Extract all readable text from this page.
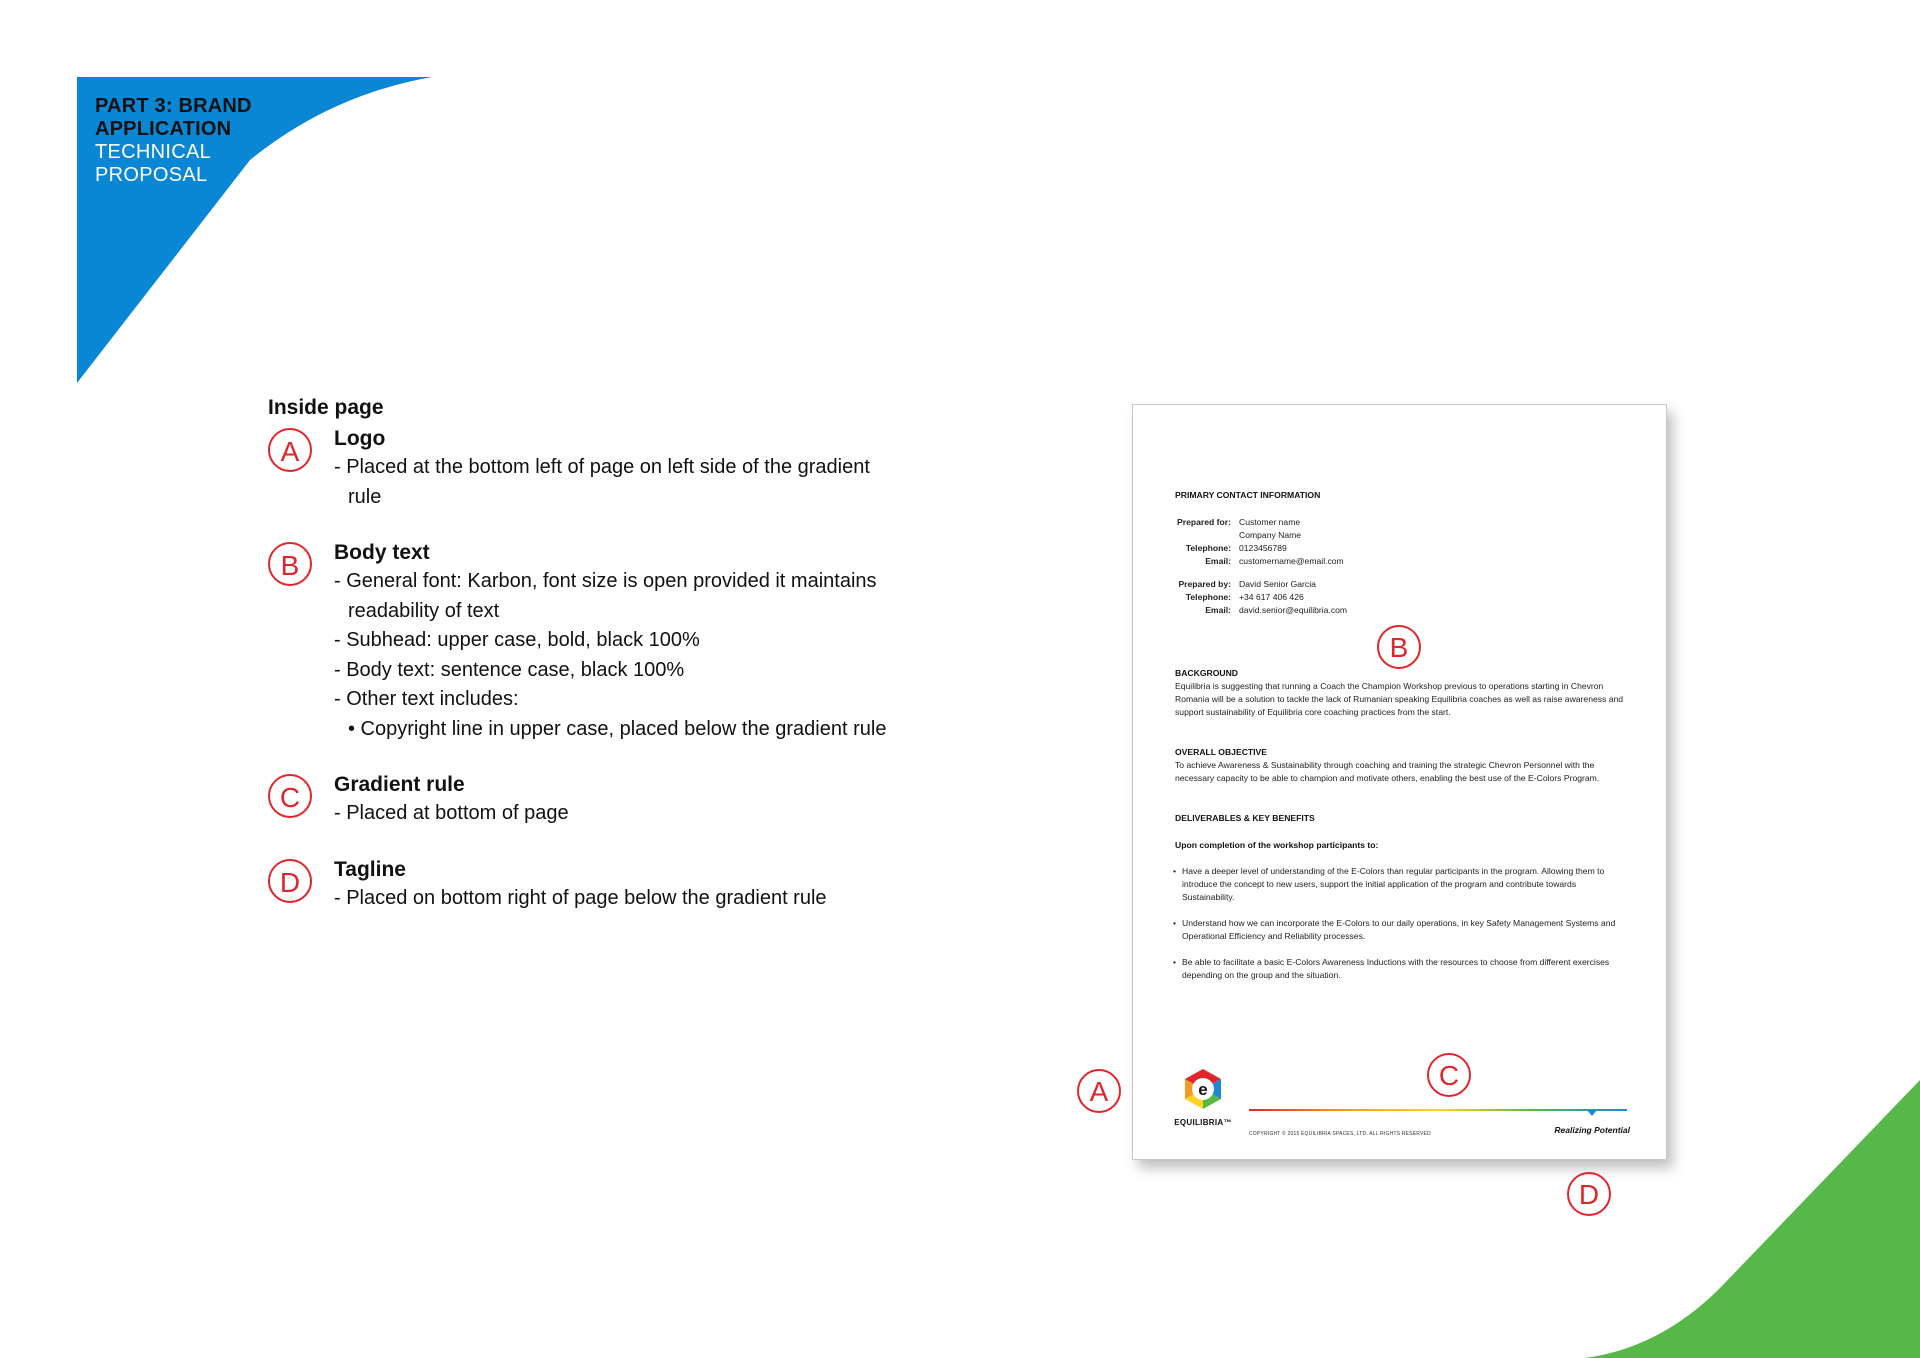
PART 3: BRAND
APPLICATION
TECHNICAL
PROPOSAL
Inside page
A	Logo
- Placed at the bottom left of page on left side of the gradient rule
B	Body text
- General font: Karbon, font size is open provided it maintains readability of text
- Subhead: upper case, bold, black 100%
- Body text: sentence case, black 100%
- Other text includes:
• Copyright line in upper case, placed below the gradient rule
C	Gradient rule
- Placed at bottom of page
D	Tagline
- Placed on bottom right of page below the gradient rule
PRIMARY CONTACT INFORMATION
Prepared for: Customer name
Company Name
Telephone: 0123456789
Email: customername@email.com
Prepared by: David Senior Garcia
Telephone: +34 617 406 426
Email: david.senior@equilibria.com
BACKGROUND
Equilibria is suggesting that running a Coach the Champion Workshop previous to operations starting in Chevron Romania will be a solution to tackle the lack of Rumanian speaking Equilibria coaches as well as raise awareness and support sustainability of Equilibria core coaching practices from the start.
OVERALL OBJECTIVE
To achieve Awareness & Sustainability through coaching and training the strategic Chevron Personnel with the necessary capacity to be able to champion and motivate others, enabling the best use of the E-Colors Program.
DELIVERABLES & KEY BENEFITS
Upon completion of the workshop participants to:
• Have a deeper level of understanding of the E-Colors than regular participants in the program. Allowing them to introduce the concept to new users, support the initial application of the program and contribute towards Sustainability.
• Understand how we can incorporate the E-Colors to our daily operations, in key Safety Management Systems and Operational Efficiency and Reliability processes.
• Be able to facilitate a basic E-Colors Awareness Inductions with the resources to choose from different exercises depending on the group and the situation.
B
C
e
EQUILIBRIA™
COPYRIGHT © 2015 EQUILIBRIA SPACES, LTD. ALL RIGHTS RESERVED	Realizing Potential
A
D
